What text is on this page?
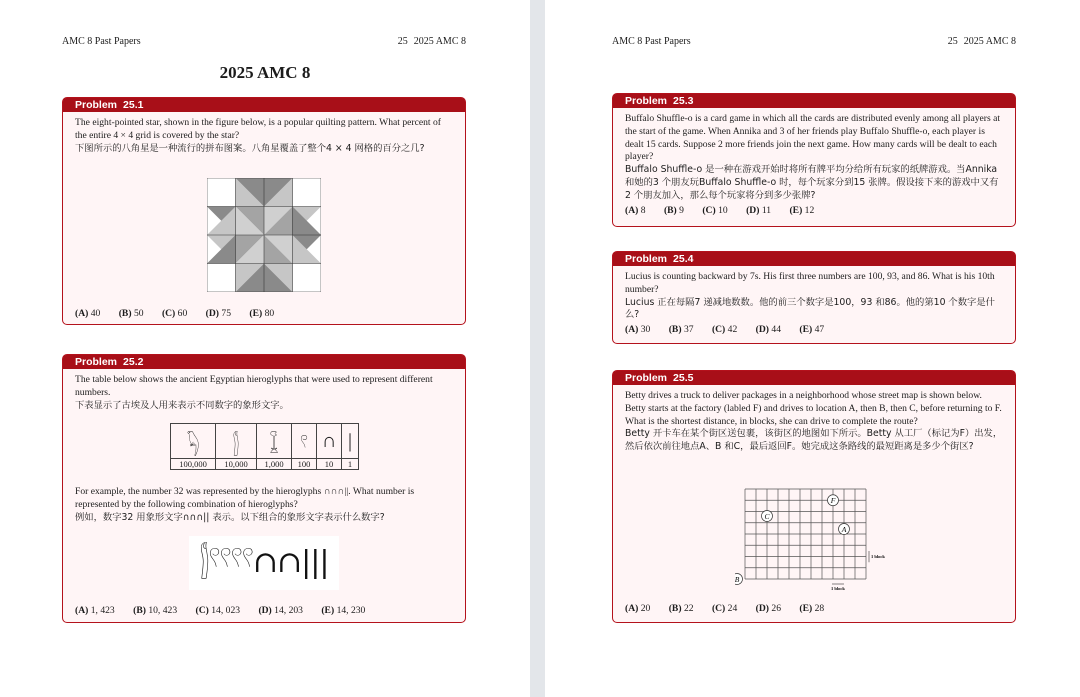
AMC 8 Past Papers	25 2025 AMC 8
2025 AMC 8
Problem 25.1
The eight-pointed star, shown in the figure below, is a popular quilting pattern. What percent of the entire 4 × 4 grid is covered by the star?
下图所示的八角星是一种流行的拼布图案。八角星覆盖了整个4 × 4 网格的百分之几?
(A) 40 (B) 50 (C) 60 (D) 75 (E) 80
Problem 25.2
The table below shows the ancient Egyptian hieroglyphs that were used to represent different numbers.
下表显示了古埃及人用来表示不同数字的象形文字。
𓆐	𓂭	𓆼	𓍢	∩	|
100,000	10,000	1,000	100	10	1
For example, the number 32 was represented by the hieroglyphs ∩∩∩||. What number is represented by the following combination of hieroglyphs?
例如，数字32 用象形文字∩∩∩|| 表示。以下组合的象形文字表示什么数字?
𓂭𓍢𓍢𓍢𓍢∩∩|||
(A) 1, 423 (B) 10, 423 (C) 14, 023 (D) 14, 203 (E) 14, 230
AMC 8 Past Papers	25 2025 AMC 8
Problem 25.3
Buffalo Shuffle-o is a card game in which all the cards are distributed evenly among all players at the start of the game. When Annika and 3 of her friends play Buffalo Shuffle-o, each player is dealt 15 cards. Suppose 2 more friends join the next game. How many cards will be dealt to each player?
Buffalo Shuffle-o 是一种在游戏开始时将所有牌平均分给所有玩家的纸牌游戏。当Annika 和她的3 个朋友玩Buffalo Shuffle-o 时，每个玩家分到15 张牌。假设接下来的游戏中又有2 个朋友加入，那么每个玩家将分到多少张牌?
(A) 8 (B) 9 (C) 10 (D) 11 (E) 12
Problem 25.4
Lucius is counting backward by 7s. His first three numbers are 100, 93, and 86. What is his 10th number?
Lucius 正在每隔7 递减地数数。他的前三个数字是100，93 和86。他的第10 个数字是什么?
(A) 30 (B) 37 (C) 42 (D) 44 (E) 47
Problem 25.5
Betty drives a truck to deliver packages in a neighborhood whose street map is shown below. Betty starts at the factory (labled F) and drives to location A, then B, then C, before returning to F. What is the shortest distance, in blocks, she can drive to complete the route?
Betty 开卡车在某个街区送包裹，该街区的地图如下所示。Betty 从工厂（标记为F）出发，然后依次前往地点A、B 和C，最后返回F。她完成这条路线的最短距离是多少个街区?
F
C
A
B
1 block
1 block
(A) 20 (B) 22 (C) 24 (D) 26 (E) 28
